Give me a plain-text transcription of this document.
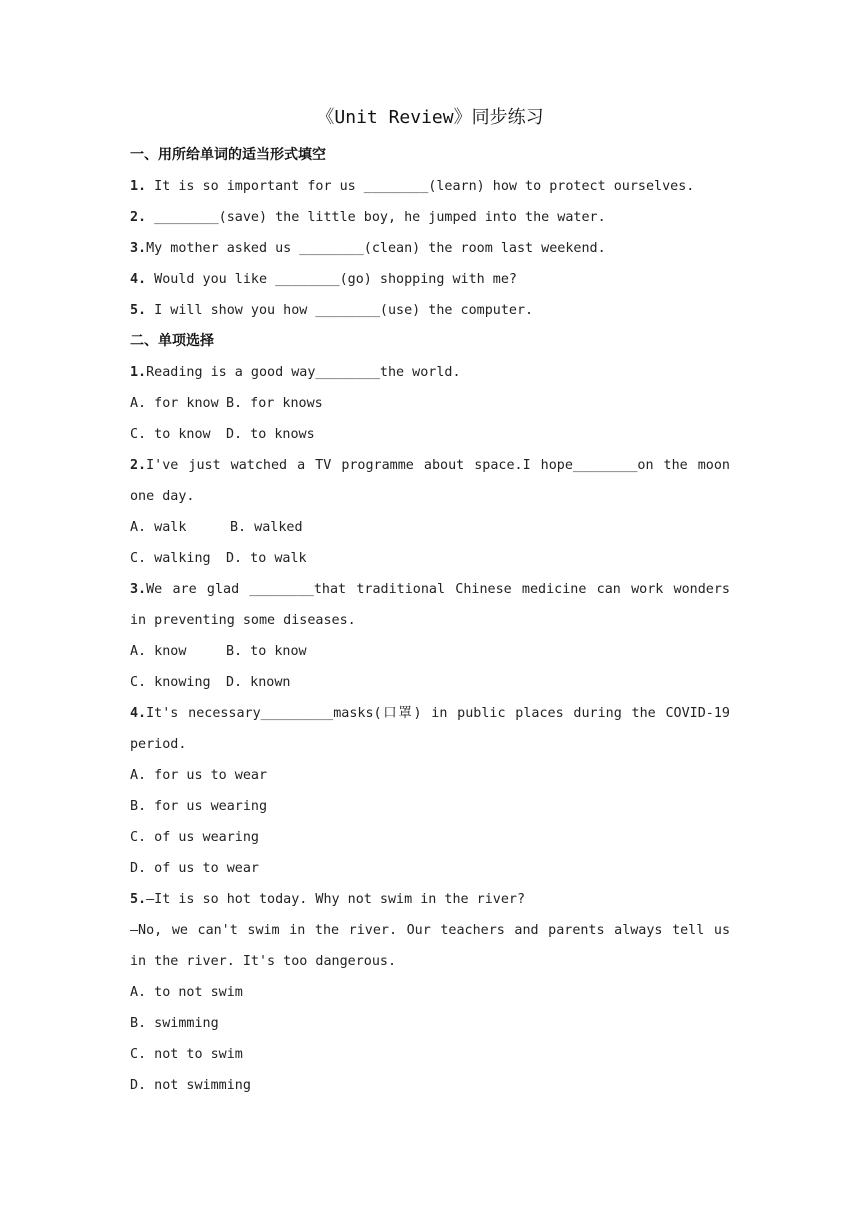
《Unit Review》同步练习
一、用所给单词的适当形式填空
1. It is so important for us ________(learn) how to protect ourselves.
2. ________(save) the little boy, he jumped into the water.
3.My mother asked us ________(clean) the room last weekend.
4. Would you like ________(go) shopping with me?
5. I will show you how ________(use) the computer.
二、单项选择
1.Reading is a good way________the world.
A. for know B. for knows
C. to know D. to knows
2.I've just watched a TV programme about space.I hope________on the moon one day.
A. walk	B. walked
C. walking D. to walk
3.We are glad ________that traditional Chinese medicine can work wonders in preventing some diseases.
A. know	B. to know
C. knowing D. known
4.It's necessary_________masks(口罩) in public places during the COVID-19 period.
A. for us to wear
B. for us wearing
C. of us wearing
D. of us to wear
5.—It is so hot today. Why not swim in the river?
—No, we can't swim in the river. Our teachers and parents always tell us in the river. It's too dangerous.
A. to not swim
B. swimming
C. not to swim
D. not swimming
